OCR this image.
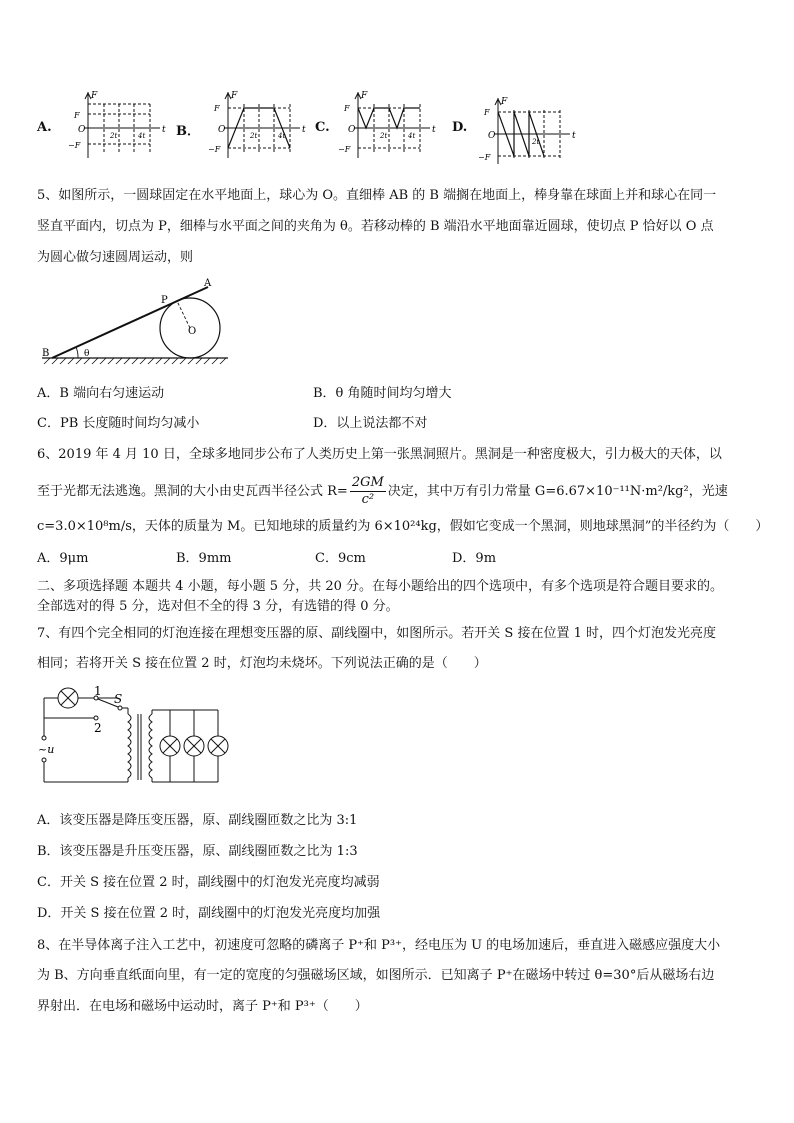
A.	B．	C.	D.
F
F
O
−F
t
2t	4t
F
F
O
−F
t
2t	4t
F
F
O
−F
t
2t	4t
F
F
O
−F
t
2t
5、如图所示，一圆球固定在水平地面上，球心为 O。直细棒 AB 的 B 端搁在地面上，棒身靠在球面上并和球心在同一
竖直平面内，切点为 P，细棒与水平面之间的夹角为 θ。若移动棒的 B 端沿水平地面靠近圆球，使切点 P 恰好以 O 点
为圆心做匀速圆周运动，则
B
A
P
O
θ
A．B 端向右匀速运动	B．θ 角随时间均匀增大
C．PB 长度随时间均匀减小	D．以上说法都不对
6、2019 年 4 月 10 日，全球多地同步公布了人类历史上第一张黑洞照片。黑洞是一种密度极大，引力极大的天体，以
至于光都无法逃逸。黑洞的大小由史瓦西半径公式 $R= \frac{2GM}{\text{c²}}$ 决定，其中万有引力常量 G=6.67×10⁻¹¹N·m²/kg²，光速
c=3.0×10⁸m/s，天体的质量为 M。已知地球的质量约为 6×10²⁴kg，假如它变成一个黑洞，则地球黑洞”的半径约为（　　）
A．9μm	B．9mm	C．9cm	D．9m
二、多项选择题 本题共 4 小题，每小题 5 分，共 20 分。在每小题给出的四个选项中，有多个选项是符合题目要求的。
全部选对的得 5 分，选对但不全的得 3 分，有选错的得 0 分。
7、有四个完全相同的灯泡连接在理想变压器的原、副线圈中，如图所示。若开关 S 接在位置 1 时，四个灯泡发光亮度
相同；若将开关 S 接在位置 2 时，灯泡均未烧坏。下列说法正确的是（　　）
1
2
S
~u
A．该变压器是降压变压器，原、副线圈匝数之比为 3:1
B．该变压器是升压变压器，原、副线圈匝数之比为 1:3
C．开关 S 接在位置 2 时，副线圈中的灯泡发光亮度均减弱
D．开关 S 接在位置 2 时，副线圈中的灯泡发光亮度均加强
8、在半导体离子注入工艺中，初速度可忽略的磷离子 P⁺和 P³⁺，经电压为 U 的电场加速后，垂直进入磁感应强度大小
为 B、方向垂直纸面向里，有一定的宽度的匀强磁场区域，如图所示．已知离子 P⁺在磁场中转过 θ=30°后从磁场右边
界射出．在电场和磁场中运动时，离子 P⁺和 P³⁺（　　）
